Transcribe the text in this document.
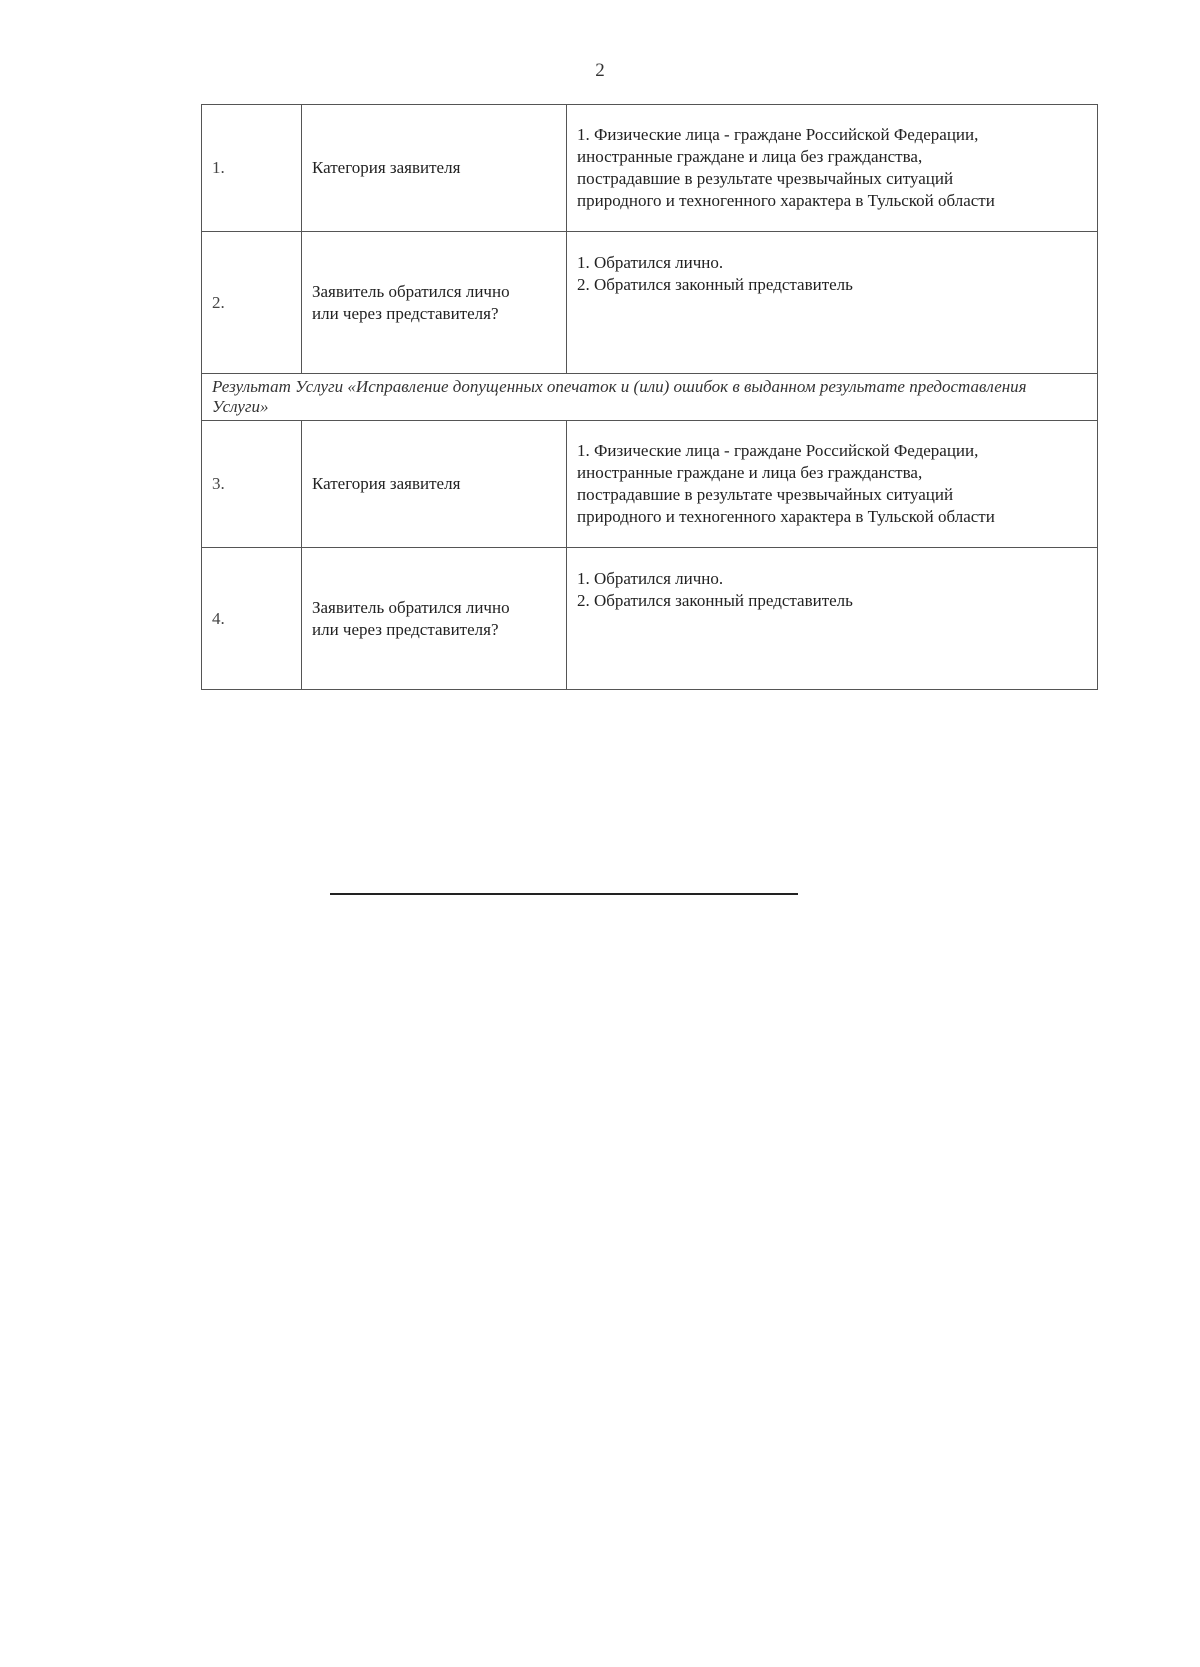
2
1.	Категория заявителя	1. Физические лица - граждане Российской Федерации,
иностранные граждане и лица без гражданства,
пострадавшие в результате чрезвычайных ситуаций
природного и техногенного характера в Тульской области

2.	Заявитель обратился лично
или через представителя?	1. Обратился лично.
2. Обратился законный представитель

Результат Услуги «Исправление допущенных опечаток и (или) ошибок в выданном результате предоставления Услуги»		
3.	Категория заявителя	1. Физические лица - граждане Российской Федерации,
иностранные граждане и лица без гражданства,
пострадавшие в результате чрезвычайных ситуаций
природного и техногенного характера в Тульской области

4.	Заявитель обратился лично
или через представителя?	1. Обратился лично.
2. Обратился законный представитель
